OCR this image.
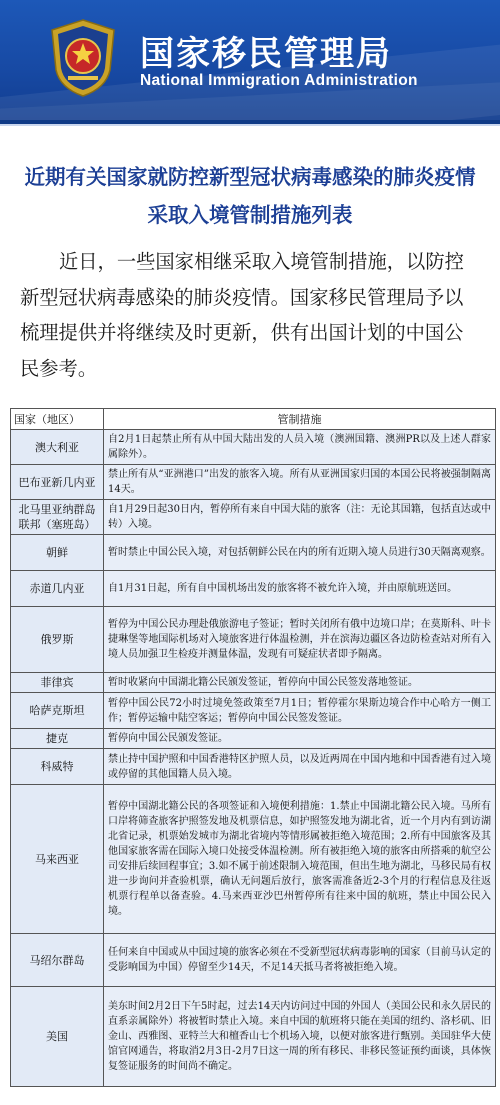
国家移民管理局
National Immigration Administration
近期有关国家就防控新型冠状病毒感染的肺炎疫情
采取入境管制措施列表
近日，一些国家相继采取入境管制措施，以防控新型冠状病毒感染的肺炎疫情。国家移民管理局予以梳理提供并将继续及时更新，供有出国计划的中国公民参考。
国家（地区）	管制措施
澳大利亚	自2月1日起禁止所有从中国大陆出发的人员入境（澳洲国籍、澳洲PR以及上述人群家属除外）。
巴布亚新几内亚	禁止所有从“亚洲港口”出发的旅客入境。所有从亚洲国家归国的本国公民将被强制隔离14天。
北马里亚纳群岛联邦（塞班岛）	自1月29日起30日内，暂停所有来自中国大陆的旅客（注：无论其国籍，包括直达或中转）入境。
朝鲜	暂时禁止中国公民入境，对包括朝鲜公民在内的所有近期入境人员进行30天隔离观察。
赤道几内亚	自1月31日起，所有自中国机场出发的旅客将不被允许入境，并由原航班送回。
俄罗斯	暂停为中国公民办理赴俄旅游电子签证；暂时关闭所有俄中边境口岸；在莫斯科、叶卡捷琳堡等地国际机场对入境旅客进行体温检测，并在滨海边疆区各边防检查站对所有入境人员加强卫生检疫并测量体温，发现有可疑症状者即予隔离。
菲律宾	暂时收紧向中国湖北籍公民颁发签证，暂停向中国公民签发落地签证。
哈萨克斯坦	暂停中国公民72小时过境免签政策至7月1日；暂停霍尔果斯边境合作中心哈方一侧工作；暂停运输中陆空客运；暂停向中国公民签发签证。
捷克	暂停向中国公民颁发签证。
科威特	禁止持中国护照和中国香港特区护照人员，以及近两周在中国内地和中国香港有过入境或停留的其他国籍人员入境。
马来西亚	暂停中国湖北籍公民的各项签证和入境便利措施：1.禁止中国湖北籍公民入境。马所有口岸将筛查旅客护照签发地及机票信息，如护照签发地为湖北省，近一个月内有到访湖北省记录，机票始发城市为湖北省境内等情形属被拒绝入境范围；2.所有中国旅客及其他国家旅客需在国际入境口处接受体温检测。所有被拒绝入境的旅客由所搭乘的航空公司安排后续回程事宜；3.如不属于前述限制入境范围，但出生地为湖北，马移民局有权进一步询问并查验机票，确认无问题后放行，旅客需准备近2-3个月的行程信息及往返机票行程单以备查验。4.马来西亚沙巴州暂停所有往来中国的航班，禁止中国公民入境。
马绍尔群岛	任何来自中国或从中国过境的旅客必须在不受新型冠状病毒影响的国家（目前马认定的受影响国为中国）停留至少14天，不足14天抵马者将被拒绝入境。
美国	美东时间2月2日下午5时起，过去14天内访问过中国的外国人（美国公民和永久居民的直系亲属除外）将被暂时禁止入境。来自中国的航班将只能在美国的纽约、洛杉矶、旧金山、西雅图、亚特兰大和檀香山七个机场入境，以便对旅客进行甄别。美国驻华大使馆官网通告，将取消2月3日-2月7日这一周的所有移民、非移民签证预约面谈，具体恢复签证服务的时间尚不确定。
